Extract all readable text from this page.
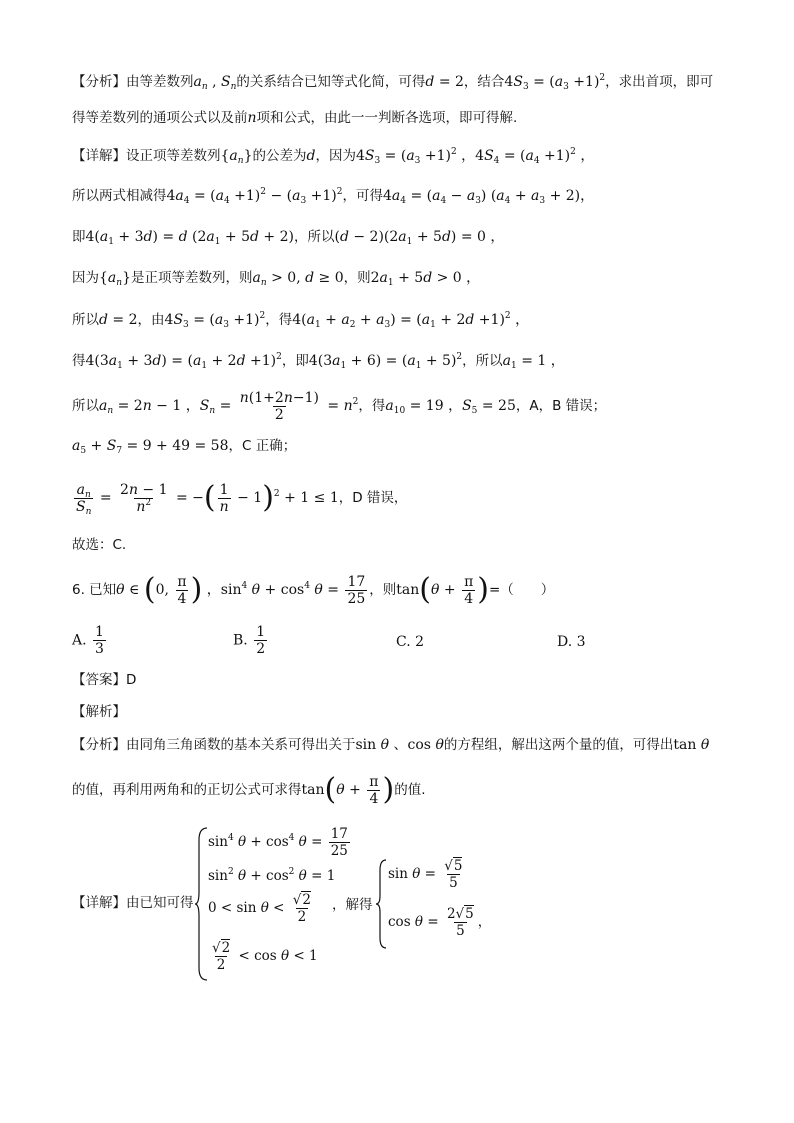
【分析】由等差数列$a_n$ , $S_n$的关系结合已知等式化简，可得d = 2，结合$4S_3 = (a_3 +1)^2$，求出首项，即可
得等差数列的通项公式以及前n项和公式，由此一一判断各选项，即可得解.
【详解】设正项等差数列$\{a_n\}$的公差为d，因为$4S_3 = (a_3 +1)^2$ ，$4S_4 = (a_4 +1)^2$ ，
所以两式相减得$4a_4 = (a_4 +1)^2 - (a_3 +1)^2$，可得$4a_4 = (a_4 - a_3) (a_4 + a_3 + 2)$，
即$4(a_1 + 3d) = d$ $(2a_1 + 5d + 2)$，所以$(d - 2)(2a_1 + 5d) = 0$ ，
因为$\{a_n\}$是正项等差数列，则$a_n > 0$, d ≥ 0，则$2a_1 + 5d > 0$ ，
所以d = 2，由$4S_3 = (a_3 +1)^2$，得$4(a_1 + a_2 + a_3) = (a_1 + 2d +1)^2$ ，
得$4(3a_1 + 3d) = (a_1 + 2d +1)^2$，即$4(3a_1 + 6) = (a_1 + 5)^2$，所以$a_1 = 1$ ，
所以$a_n = 2n - 1$ ，$S_n = \frac{n(1+2n-1)}{2} = n^2$，得$a_{10} = 19$ ，$S_5 = 25$，A，B 错误；
$a_5 + S_7 = 9 + 49 = 58$，C 正确；
$\frac{a_n}{S_n} = \frac{2n - 1}{n^2}$ = −( $\frac{1}{n} - 1)^2 + 1 \le 1$，D 错误，
故选：C.
6. 已知θ ∈ (0, $\frac{\pi}{4}$ ) ，$\sin^4 \theta + \cos^4 \theta = \frac{17}{25}$ ，则$\tan(\theta + \frac{\pi}{4}$ )=（　　）
A. $\frac{1}{3}$	B. $\frac{1}{2}$	C. 2	D. 3
【答案】D
【解析】
【分析】由同角三角函数的基本关系可得出关于sin θ 、cos θ的方程组，解出这两个量的值，可得出tan θ
的值，再利用两角和的正切公式可求得$\tan(\theta + \frac{\pi}{4}$ )的值.
【详解】由已知可得
$\sin^4 \theta + \cos^4 \theta = \frac{17}{25}$
$\sin^2 \theta + \cos^2 \theta = 1$
$0 < \sin \theta < \frac{√2}{2}$
$\frac{√2}{2} < \cos \theta < 1$
，解得
$\sin \theta = \frac{√5}{5}$
$\cos \theta = \frac{2√5}{5}$ ，
